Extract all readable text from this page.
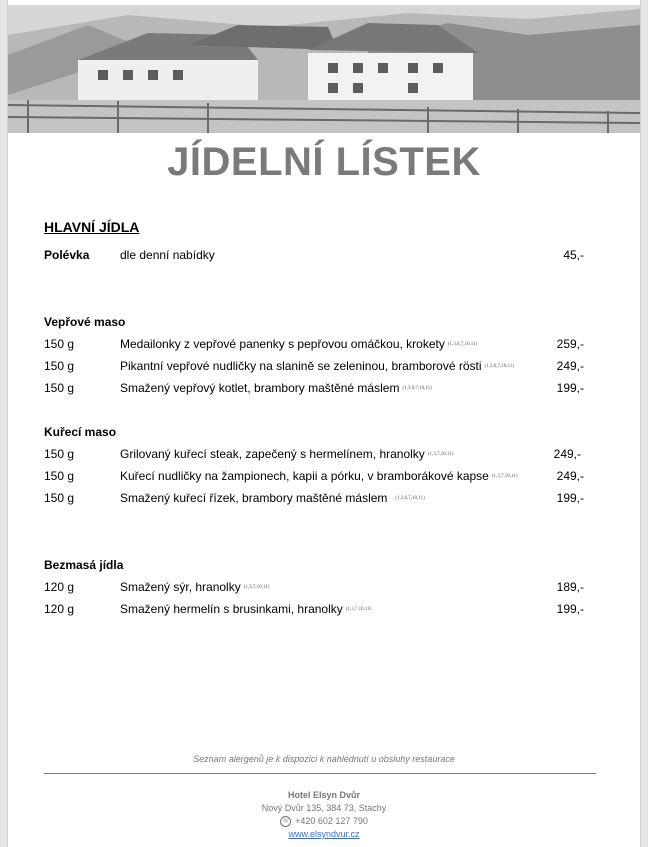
JÍDELNÍ LÍSTEK
HLAVNÍ JÍDLA
Polévka	dle denní nabídky	45,-
Vepřové maso
150 g	Medailonky z vepřové panenky s pepřovou omáčkou, krokety (1,3,6,7,10,11)	259,-
150 g	Pikantní vepřové nudličky na slanině se zeleninou, bramborové rösti (1,3,6,7,10,11)	249,-
150 g	Smažený vepřový kotlet, brambory maštěné máslem (1,3,6,7,10,11)	199,-
Kuřecí maso
150 g	Grilovaný kuřecí steak, zapečený s hermelínem, hranolky (1,3,7,10,11)	249,-
150 g	Kuřecí nudličky na žampionech, kapii a pórku, v bramborákové kapse (1,3,7,10,11)	249,-
150 g	Smažený kuřecí řízek, brambory maštěné máslem (1,3,6,7,10,11)	199,-
Bezmasá jídla
120 g	Smažený sýr, hranolky (1,3,7,10,11)	189,-
120 g	Smažený hermelín s brusinkami, hranolky (1,3,7,10,11)	199,-
Seznam alergenů je k dispozici k nahlédnutí u obsluhy restaurace
Hotel Elsyn Dvůr
Nový Dvůr 135, 384 73, Stachy
☏ +420 602 127 790
www.elsyndvur.cz
